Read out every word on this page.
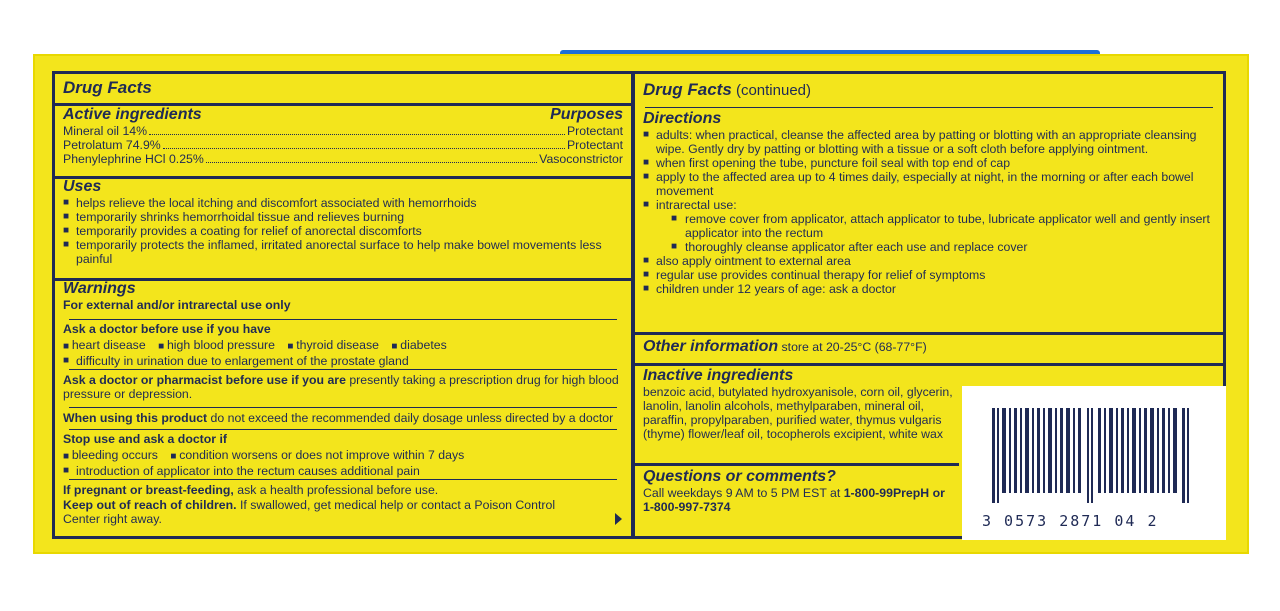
Drug Facts
Active ingredients	Purposes
Mineral oil 14%	Protectant
Petrolatum 74.9%	Protectant
Phenylephrine HCl 0.25%	Vasoconstrictor
Uses
■ helps relieve the local itching and discomfort associated with hemorrhoids
■ temporarily shrinks hemorrhoidal tissue and relieves burning
■ temporarily provides a coating for relief of anorectal discomforts
■ temporarily protects the inflamed, irritated anorectal surface to help make bowel movements less painful
Warnings
For external and/or intrarectal use only
Ask a doctor before use if you have
■ heart disease ■ high blood pressure ■ thyroid disease ■ diabetes
■ difficulty in urination due to enlargement of the prostate gland
Ask a doctor or pharmacist before use if you are presently taking a prescription drug for high blood pressure or depression.
When using this product do not exceed the recommended daily dosage unless directed by a doctor
Stop use and ask a doctor if
■ bleeding occurs ■ condition worsens or does not improve within 7 days
■ introduction of applicator into the rectum causes additional pain
If pregnant or breast-feeding, ask a health professional before use.
Keep out of reach of children. If swallowed, get medical help or contact a Poison Control Center right away.
Drug Facts (continued)
Directions
■ adults: when practical, cleanse the affected area by patting or blotting with an appropriate cleansing wipe. Gently dry by patting or blotting with a tissue or a soft cloth before applying ointment.
■ when first opening the tube, puncture foil seal with top end of cap
■ apply to the affected area up to 4 times daily, especially at night, in the morning or after each bowel movement
■ intrarectal use:
■ remove cover from applicator, attach applicator to tube, lubricate applicator well and gently insert applicator into the rectum
■ thoroughly cleanse applicator after each use and replace cover
■ also apply ointment to external area
■ regular use provides continual therapy for relief of symptoms
■ children under 12 years of age: ask a doctor
Other information store at 20-25°C (68-77°F)
Inactive ingredients
benzoic acid, butylated hydroxyanisole, corn oil, glycerin, lanolin, lanolin alcohols, methylparaben, mineral oil, paraffin, propylparaben, purified water, thymus vulgaris (thyme) flower/leaf oil, tocopherols excipient, white wax
Questions or comments?
Call weekdays 9 AM to 5 PM EST at 1-800-99PrepH or
1-800-997-7374
3 0573 2871 04 2
